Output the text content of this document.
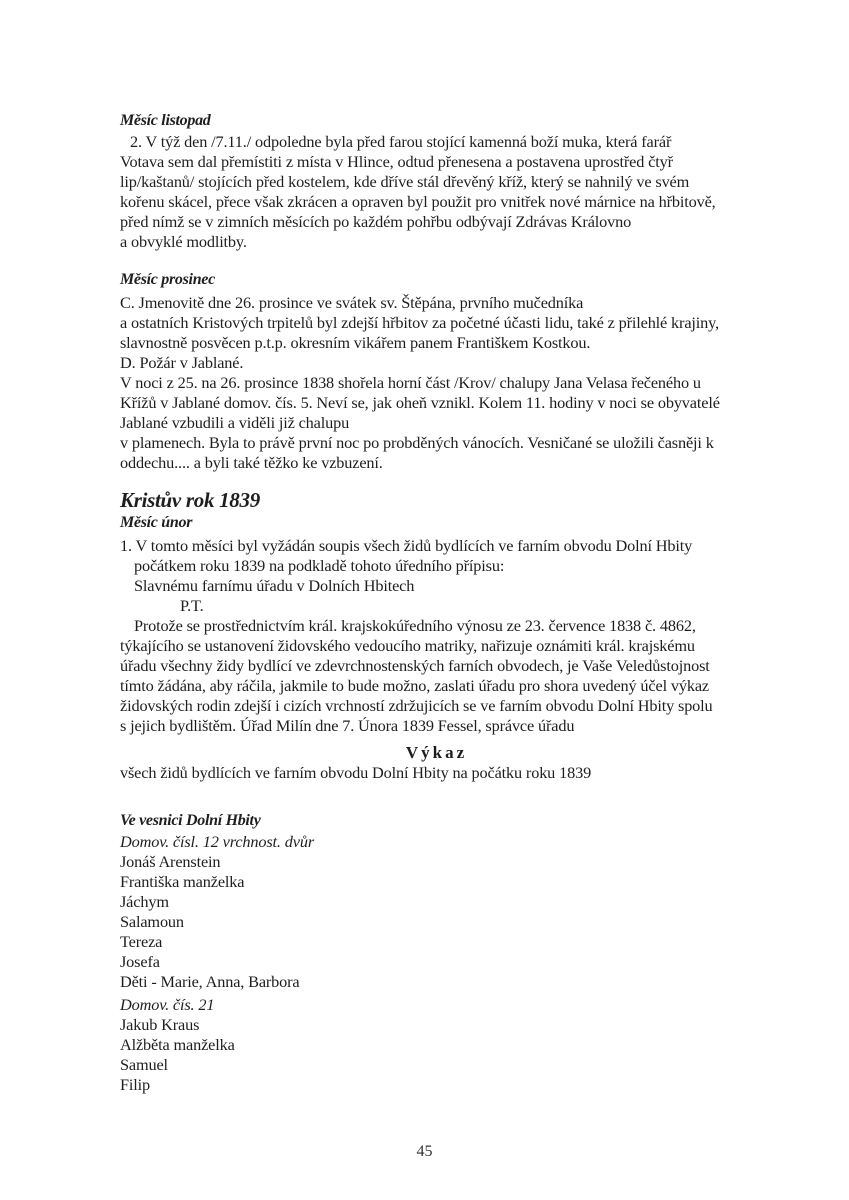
Měsíc listopad
2. V týž den /7.11./ odpoledne byla před farou stojící kamenná boží muka, která farář
Votava sem dal přemístiti z místa v Hlince, odtud přenesena a postavena uprostřed čtyř
lip/kaštanů/ stojících před kostelem, kde dříve stál dřevěný kříž, který se nahnilý ve svém
kořenu skácel, přece však zkrácen a opraven byl použit pro vnitřek nové márnice na hřbitově,
před nímž se v zimních měsících po každém pohřbu odbývají Zdrávas Královno
a obvyklé modlitby.
Měsíc prosinec
C. Jmenovitě dne 26. prosince ve svátek sv. Štěpána, prvního mučedníka
a ostatních Kristových trpitelů byl zdejší hřbitov za početné účasti lidu, také z přilehlé krajiny,
slavnostně posvěcen p.t.p. okresním vikářem panem Františkem Kostkou.
D. Požár v Jablané.
V noci z 25. na 26. prosince 1838 shořela horní část /Krov/ chalupy Jana Velasa řečeného u
Křížů v Jablané domov. čís. 5. Neví se, jak oheň vznikl. Kolem 11. hodiny v noci se obyvatelé
Jablané vzbudili a viděli již chalupu
v plamenech. Byla to právě první noc po probděných vánocích. Vesničané se uložili časněji k
oddechu.... a byli také těžko ke vzbuzení.
Kristův rok 1839
Měsíc únor
1. V tomto měsíci byl vyžádán soupis všech židů bydlících ve farním obvodu Dolní Hbity
počátkem roku 1839 na podkladě tohoto úředního přípisu:
Slavnému farnímu úřadu v Dolních Hbitech
P.T.
Protože se prostřednictvím král. krajskokúředního výnosu ze 23. července 1838 č. 4862,
týkajícího se ustanovení židovského vedoucího matriky, nařizuje oznámiti král. krajskému
úřadu všechny židy bydlící ve zdevrchnostenských farních obvodech, je Vaše Veledůstojnost
tímto žádána, aby ráčila, jakmile to bude možno, zaslati úřadu pro shora uvedený účel výkaz
židovských rodin zdejší i cizích vrchností zdržujicích se ve farním obvodu Dolní Hbity spolu
s jejich bydlištěm. Úřad Milín dne 7. Února 1839 Fessel, správce úřadu
Výkaz
všech židů bydlících ve farním obvodu Dolní Hbity na počátku roku 1839
Ve vesnici Dolní Hbity
Domov. čísl. 12 vrchnost. dvůr
Jonáš Arenstein
Františka manželka
Jáchym
Salamoun
Tereza
Josefa
Děti - Marie, Anna, Barbora
Domov. čís. 21
Jakub Kraus
Alžběta manželka
Samuel
Filip
45
